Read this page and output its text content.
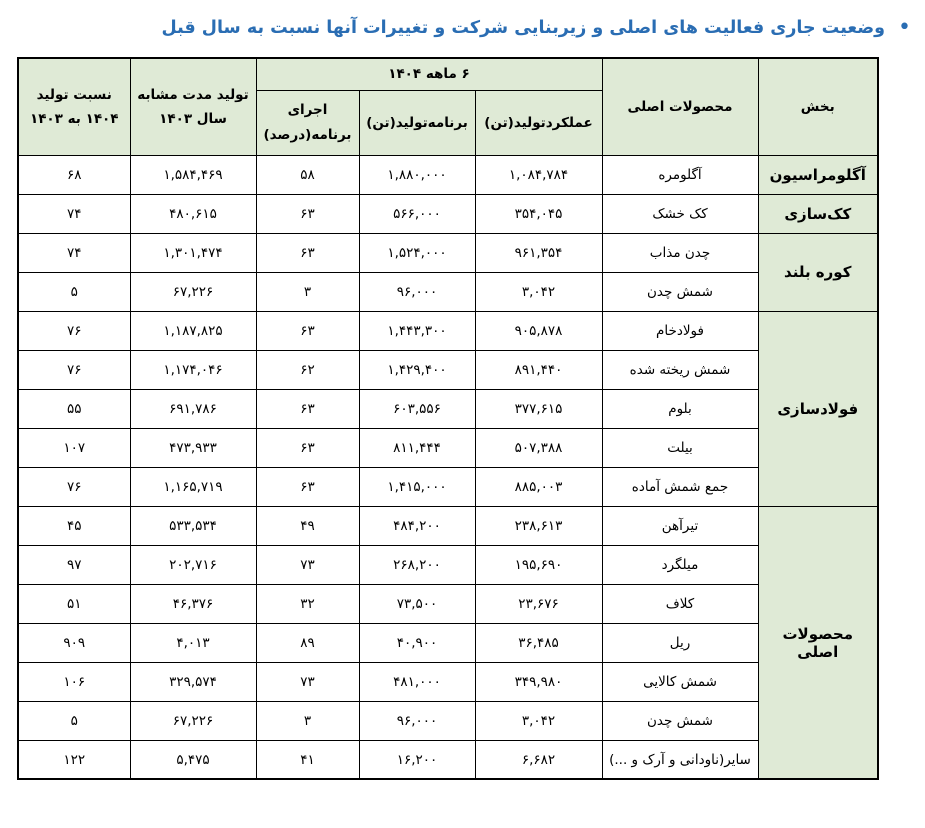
•
وضعیت جاری فعالیت های اصلی و زیربنایی شرکت و تغییرات آنها نسبت به سال قبل
بخش	محصولات اصلی	۶ ماهه ۱۴۰۴			تولید مدت مشابه سال ۱۴۰۳	نسبت تولید ۱۴۰۴ به ۱۴۰۳
		عملکردتولید(تن)	برنامه‌تولید(تن)	اجرای برنامه(درصد)		
آگلومراسیون	آگلومره	۱,۰۸۴,۷۸۴	۱,۸۸۰,۰۰۰	۵۸	۱,۵۸۴,۴۶۹	۶۸
کک‌سازی	کک خشک	۳۵۴,۰۴۵	۵۶۶,۰۰۰	۶۳	۴۸۰,۶۱۵	۷۴
کوره بلند	چدن مذاب	۹۶۱,۳۵۴	۱,۵۲۴,۰۰۰	۶۳	۱,۳۰۱,۴۷۴	۷۴
	شمش چدن	۳,۰۴۲	۹۶,۰۰۰	۳	۶۷,۲۲۶	۵
فولادسازی	فولادخام	۹۰۵,۸۷۸	۱,۴۴۳,۳۰۰	۶۳	۱,۱۸۷,۸۲۵	۷۶
	شمش ریخته شده	۸۹۱,۴۴۰	۱,۴۲۹,۴۰۰	۶۲	۱,۱۷۴,۰۴۶	۷۶
	بلوم	۳۷۷,۶۱۵	۶۰۳,۵۵۶	۶۳	۶۹۱,۷۸۶	۵۵
	بیلت	۵۰۷,۳۸۸	۸۱۱,۴۴۴	۶۳	۴۷۳,۹۳۳	۱۰۷
	جمع شمش آماده	۸۸۵,۰۰۳	۱,۴۱۵,۰۰۰	۶۳	۱,۱۶۵,۷۱۹	۷۶
محصولات اصلی	تیرآهن	۲۳۸,۶۱۳	۴۸۴,۲۰۰	۴۹	۵۳۳,۵۳۴	۴۵
	میلگرد	۱۹۵,۶۹۰	۲۶۸,۲۰۰	۷۳	۲۰۲,۷۱۶	۹۷
	کلاف	۲۳,۶۷۶	۷۳,۵۰۰	۳۲	۴۶,۳۷۶	۵۱
	ریل	۳۶,۴۸۵	۴۰,۹۰۰	۸۹	۴,۰۱۳	۹۰۹
	شمش کالایی	۳۴۹,۹۸۰	۴۸۱,۰۰۰	۷۳	۳۲۹,۵۷۴	۱۰۶
	شمش چدن	۳,۰۴۲	۹۶,۰۰۰	۳	۶۷,۲۲۶	۵
	سایر(ناودانی و آرک و ...)	۶,۶۸۲	۱۶,۲۰۰	۴۱	۵,۴۷۵	۱۲۲
